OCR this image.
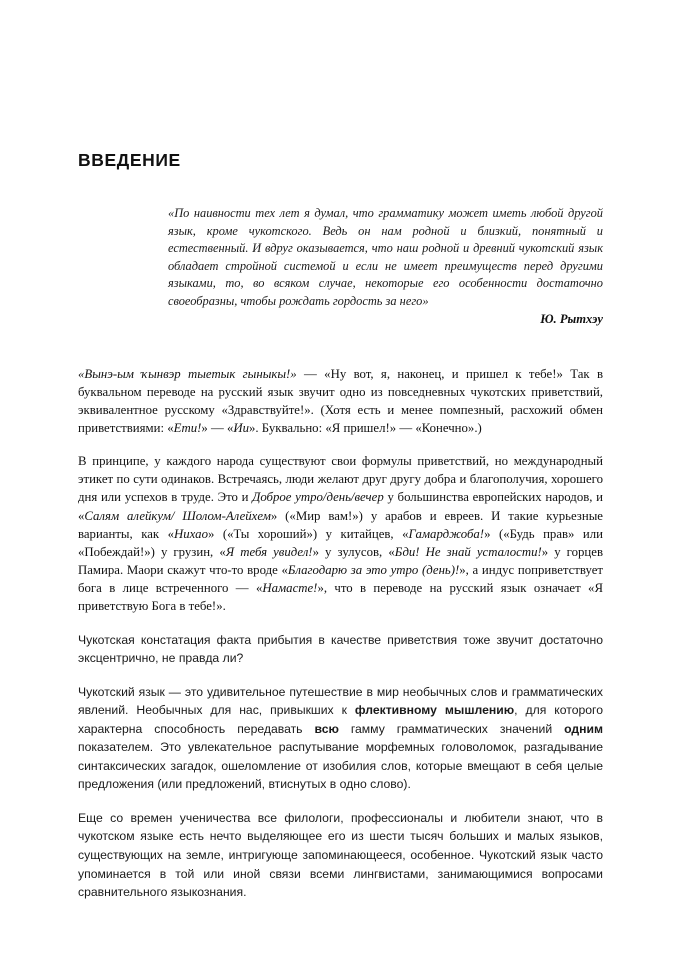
ВВЕДЕНИЕ

«По наивности тех лет я думал, что грамматику может иметь любой другой язык, кроме чукотского. Ведь он нам родной и близкий, понятный и естественный. И вдруг оказывается, что наш родной и древний чукотский язык обладает стройной системой и если не имеет преимуществ перед другими языками, то, во всяком случае, некоторые его особенности достаточно своеобразны, чтобы рождать гордость за него»

Ю. Рытхэу

«Вынэ-ым ҡынвэр тыетык гыныкы!» — «Ну вот, я, наконец, и пришел к тебе!» Так в буквальном переводе на русский язык звучит одно из повседневных чукотских приветствий, эквивалентное русскому «Здравствуйте!». (Хотя есть и менее помпезный, расхожий обмен приветствиями: «Ети!» — «Ии». Буквально: «Я пришел!» — «Конечно».)

В принципе, у каждого народа существуют свои формулы приветствий, но международный этикет по сути одинаков. Встречаясь, люди желают друг другу добра и благополучия, хорошего дня или успехов в труде. Это и Доброе утро/день/вечер у большинства европейских народов, и «Салям алейкум/ Шолом-Алейхем» («Мир вам!») у арабов и евреев. И такие курьезные варианты, как «Нихао» («Ты хороший») у китайцев, «Гамарджоба!» («Будь прав» или «Побеждай!») у грузин, «Я тебя увидел!» у зулусов, «Бди! Не знай усталости!» у горцев Памира. Маори скажут что-то вроде «Благодарю за это утро (день)!», а индус поприветствует бога в лице встреченного — «Намасте!», что в переводе на русский язык означает «Я приветствую Бога в тебе!».

Чукотская констатация факта прибытия в качестве приветствия тоже звучит достаточно эксцентрично, не правда ли?

Чукотский язык — это удивительное путешествие в мир необычных слов и грамматических явлений. Необычных для нас, привыкших к флективному мышлению, для которого характерна способность передавать всю гамму грамматических значений одним показателем. Это увлекательное распутывание морфемных головоломок, разгадывание синтаксических загадок, ошеломление от изобилия слов, которые вмещают в себя целые предложения (или предложений, втиснутых в одно слово).

Еще со времен ученичества все филологи, профессионалы и любители знают, что в чукотском языке есть нечто выделяющее его из шести тысяч больших и малых языков, существующих на земле, интригующе запоминающееся, особенное. Чукотский язык часто упоминается в той или иной связи всеми лингвистами, занимающимися вопросами сравнительного языкознания.
